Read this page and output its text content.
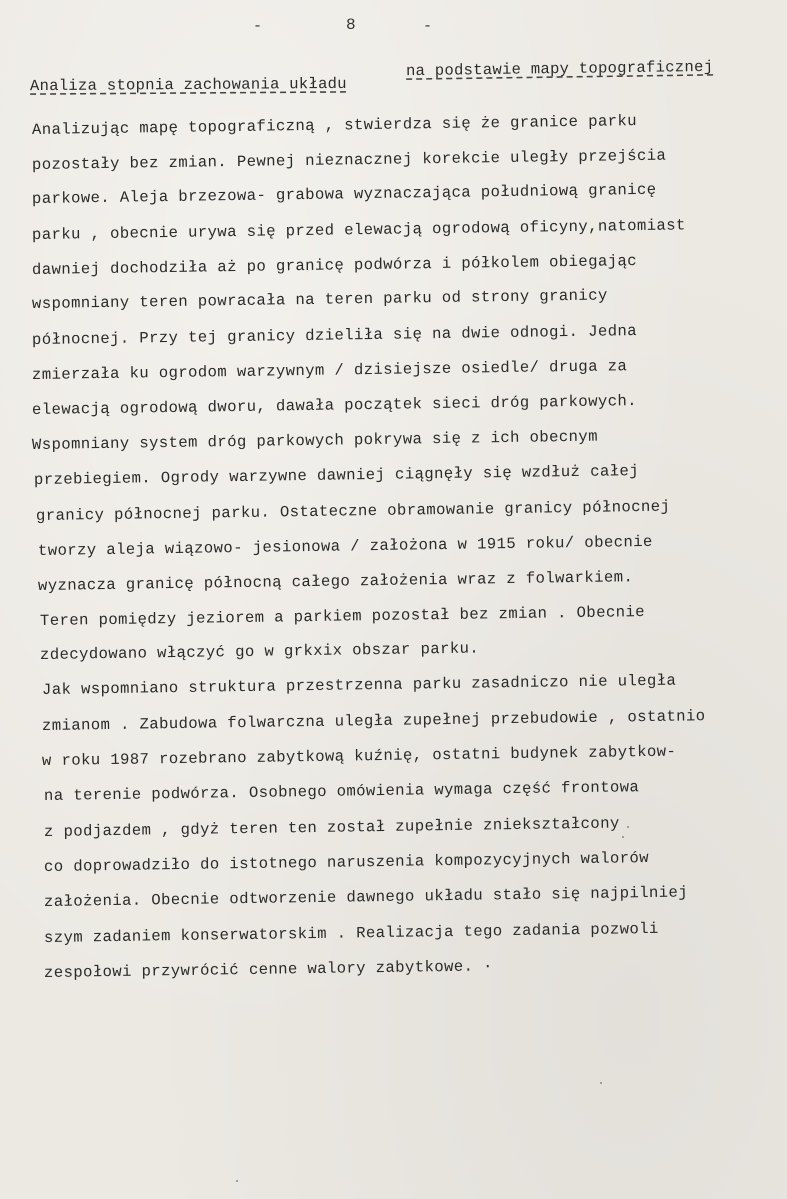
-	8	-
Analiza stopnia zachowania układu
na podstawie mapy topograficznej
Analizując mapę topograficzną , stwierdza się że granice parku
pozostały bez zmian. Pewnej nieznacznej korekcie uległy przejścia
parkowe. Aleja brzezowa- grabowa wyznaczająca południową granicę
parku , obecnie urywa się przed elewacją ogrodową oficyny,natomiast
dawniej dochodziła aż po granicę podwórza i półkolem obiegając
wspomniany teren powracała na teren parku od strony granicy
północnej. Przy tej granicy dzieliła się na dwie odnogi. Jedna
zmierzała ku ogrodom warzywnym / dzisiejsze osiedle/ druga za
elewacją ogrodową dworu, dawała początek sieci dróg parkowych.
Wspomniany system dróg parkowych pokrywa się z ich obecnym
przebiegiem. Ogrody warzywne dawniej ciągnęły się wzdłuż całej
granicy północnej parku. Ostateczne obramowanie granicy północnej
tworzy aleja wiązowo- jesionowa / założona w 1915 roku/ obecnie
wyznacza granicę północną całego założenia wraz z folwarkiem.
Teren pomiędzy jeziorem a parkiem pozostał bez zmian . Obecnie
zdecydowano włączyć go w grkxix obszar parku.
Jak wspomniano struktura przestrzenna parku zasadniczo nie uległa
zmianom . Zabudowa folwarczna uległa zupełnej przebudowie , ostatnio
w roku 1987 rozebrano zabytkową kuźnię, ostatni budynek zabytkow-
na terenie podwórza. Osobnego omówienia wymaga część frontowa
z podjazdem , gdyż teren ten został zupełnie zniekształcony
co doprowadziło do istotnego naruszenia kompozycyjnych walorów
założenia. Obecnie odtworzenie dawnego układu stało się najpilniej
szym zadaniem konserwatorskim . Realizacja tego zadania pozwoli
zespołowi przywrócić cenne walory zabytkowe. ·
